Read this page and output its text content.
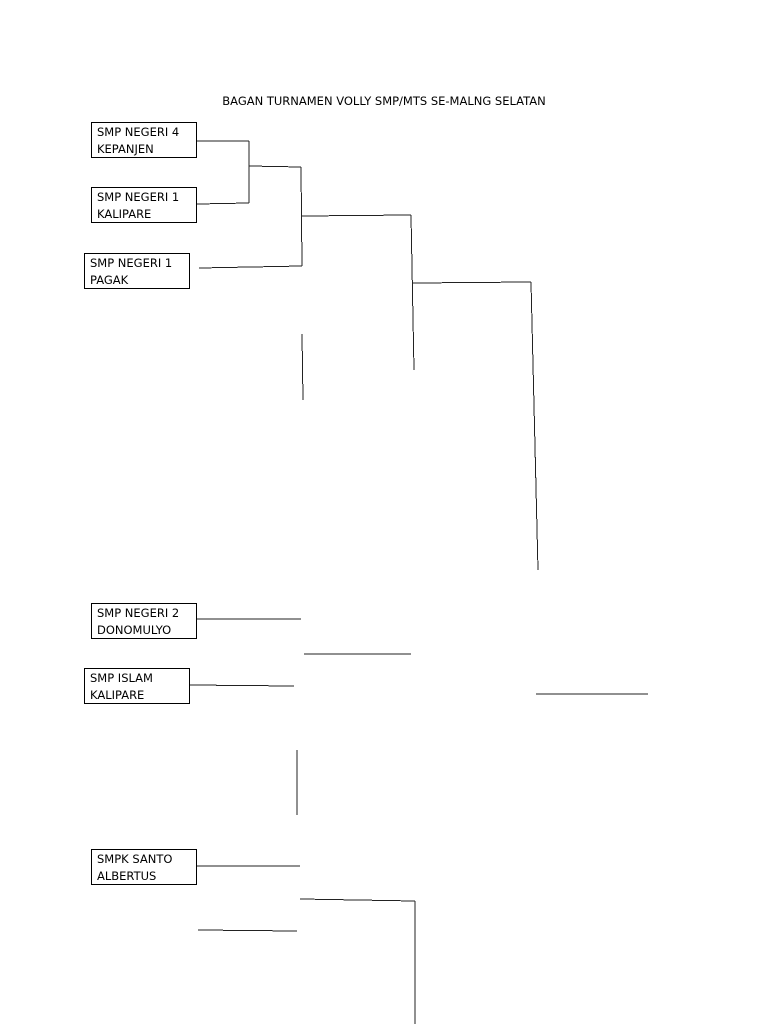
BAGAN TURNAMEN VOLLY SMP/MTS SE-MALNG SELATAN
SMP NEGERI 4
KEPANJEN
SMP NEGERI 1
KALIPARE
SMP NEGERI 1
PAGAK
SMP NEGERI 2
DONOMULYO
SMP ISLAM
KALIPARE
SMPK SANTO
ALBERTUS
